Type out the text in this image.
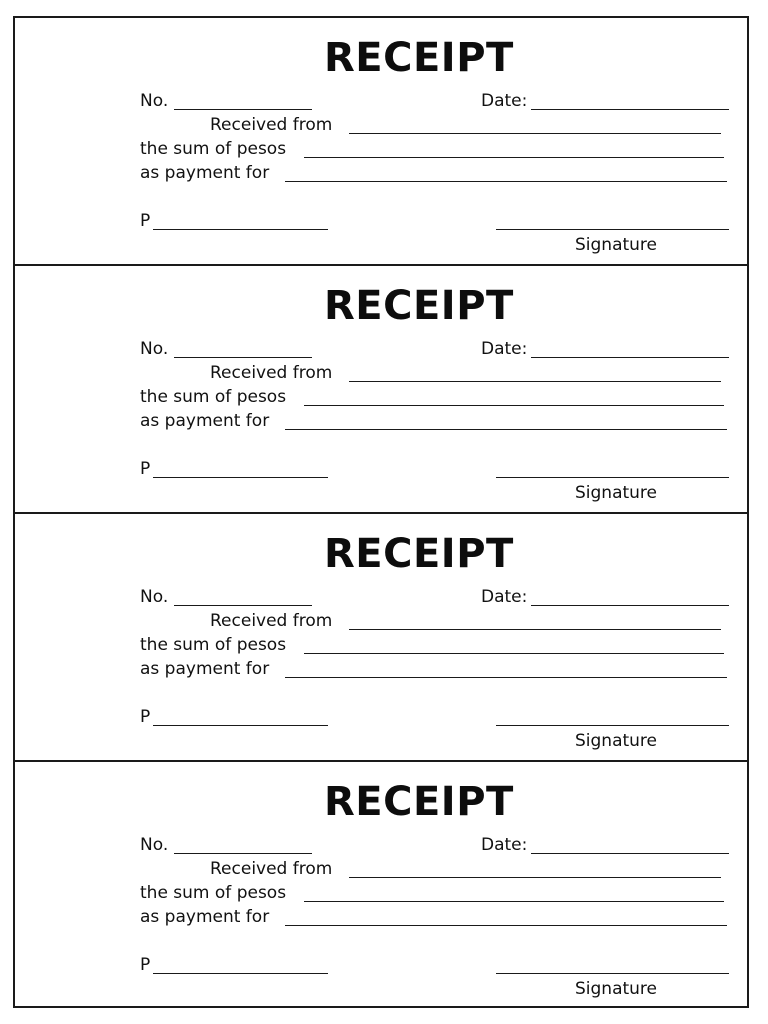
RECEIPT
No.	Date:
Received from
the sum of pesos
as payment for
P
Signature
RECEIPT
No.	Date:
Received from
the sum of pesos
as payment for
P
Signature
RECEIPT
No.	Date:
Received from
the sum of pesos
as payment for
P
Signature
RECEIPT
No.	Date:
Received from
the sum of pesos
as payment for
P
Signature
